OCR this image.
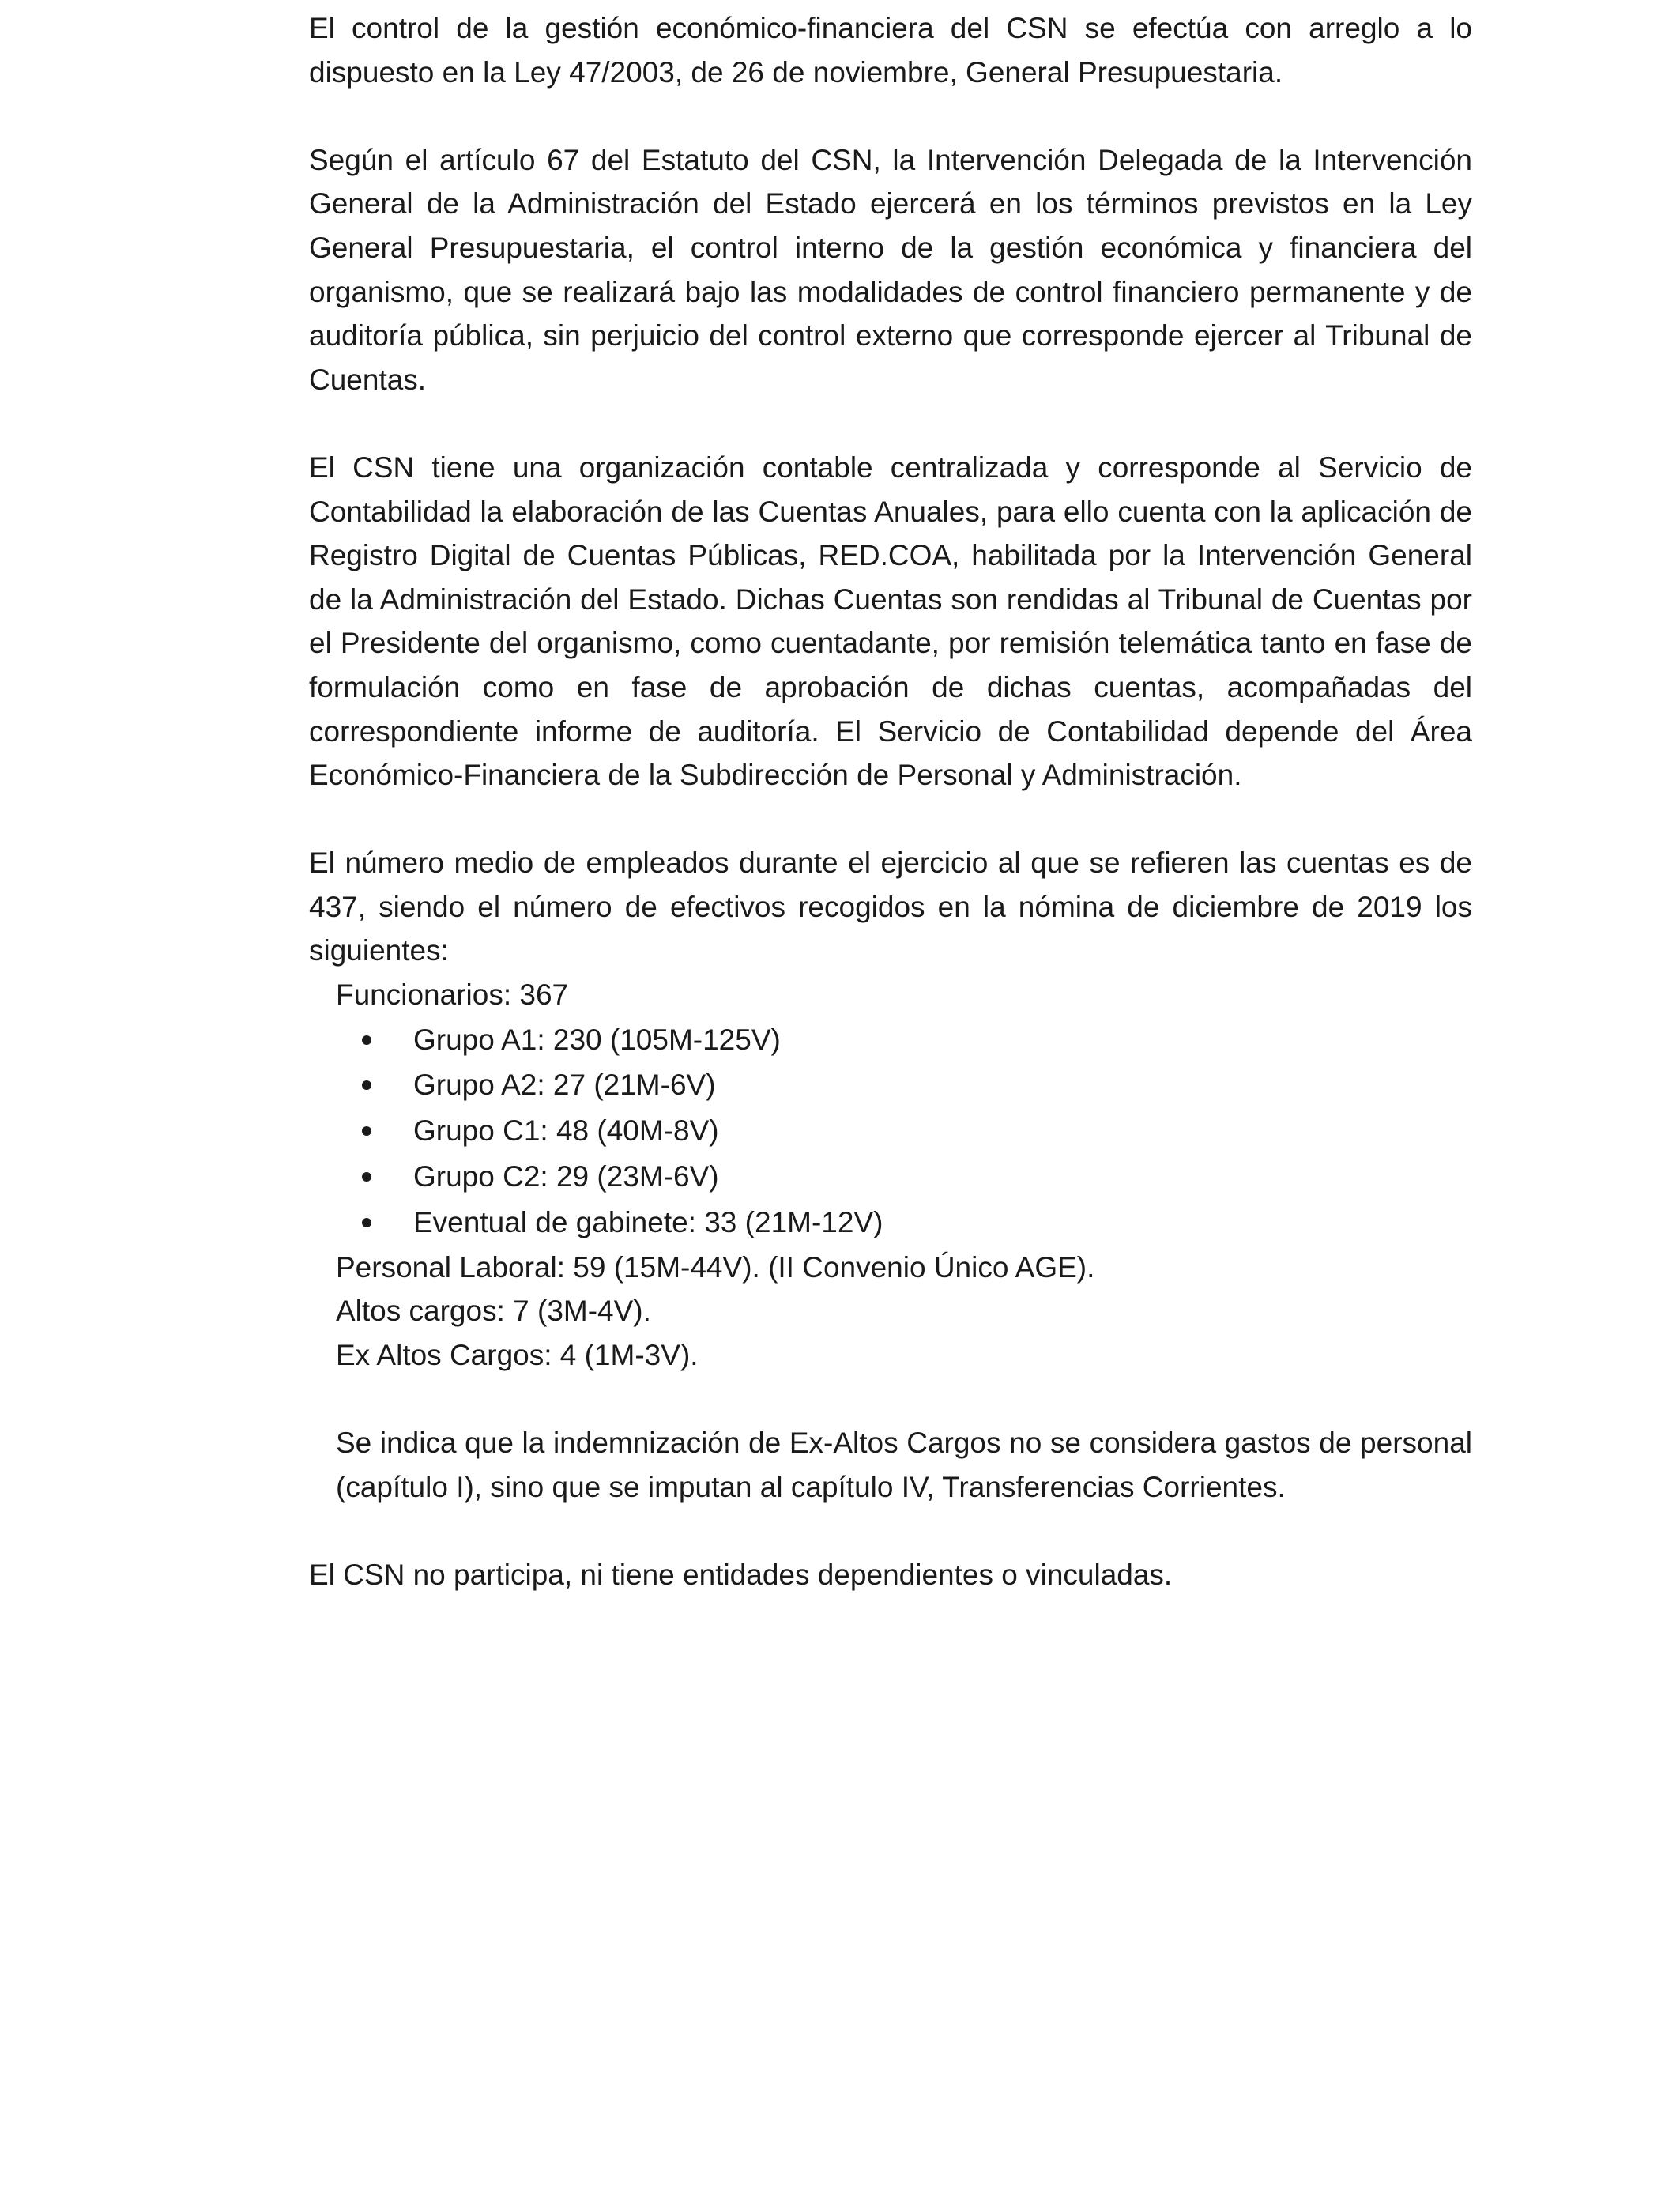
El control de la gestión económico-financiera del CSN se efectúa con arreglo a lo dispuesto en la Ley 47/2003, de 26 de noviembre, General Presupuestaria.

Según el artículo 67 del Estatuto del CSN, la Intervención Delegada de la Intervención General de la Administración del Estado ejercerá en los términos previstos en la Ley General Presupuestaria, el control interno de la gestión económica y financiera del organismo, que se realizará bajo las modalidades de control financiero permanente y de auditoría pública, sin perjuicio del control externo que corresponde ejercer al Tribunal de Cuentas.

El CSN tiene una organización contable centralizada y corresponde al Servicio de Contabilidad la elaboración de las Cuentas Anuales, para ello cuenta con la aplicación de Registro Digital de Cuentas Públicas, RED.COA, habilitada por la Intervención General de la Administración del Estado. Dichas Cuentas son rendidas al Tribunal de Cuentas por el Presidente del organismo, como cuentadante, por remisión telemática tanto en fase de formulación como en fase de aprobación de dichas cuentas, acompañadas del correspondiente informe de auditoría. El Servicio de Contabilidad depende del Área Económico-Financiera de la Subdirección de Personal y Administración.

El número medio de empleados durante el ejercicio al que se refieren las cuentas es de 437, siendo el número de efectivos recogidos en la nómina de diciembre de 2019 los siguientes:

Funcionarios: 367

Grupo A1: 230 (105M-125V)
Grupo A2: 27 (21M-6V)
Grupo C1: 48 (40M-8V)
Grupo C2: 29 (23M-6V)
Eventual de gabinete: 33 (21M-12V)

Personal Laboral: 59 (15M-44V). (II Convenio Único AGE).

Altos cargos: 7 (3M-4V).

Ex Altos Cargos: 4 (1M-3V).

Se indica que la indemnización de Ex-Altos Cargos no se considera gastos de personal (capítulo I), sino que se imputan al capítulo IV, Transferencias Corrientes.

El CSN no participa, ni tiene entidades dependientes o vinculadas.
